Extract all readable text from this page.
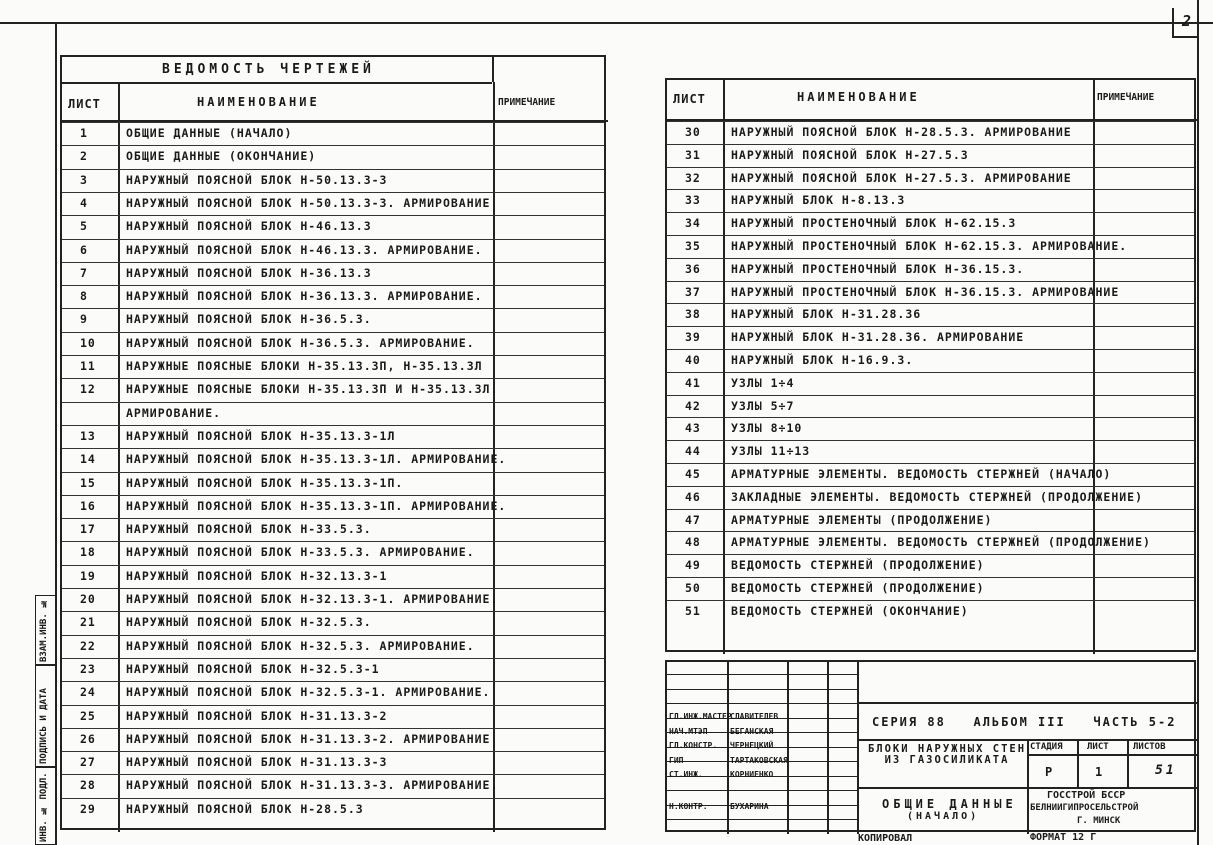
2
ВЗАМ.ИНВ. №
ПОДПИСЬ И ДАТА
ИНВ. № ПОДЛ.
ВЕДОМОСТЬ ЧЕРТЕЖЕЙ
ЛИСТ	НАИМЕНОВАНИЕ	ПРИМЕЧАНИЕ
1	ОБЩИЕ ДАННЫЕ (НАЧАЛО)
2	ОБЩИЕ ДАННЫЕ (ОКОНЧАНИЕ)
3	НАРУЖНЫЙ ПОЯСНОЙ БЛОК Н-50.13.3-3
4	НАРУЖНЫЙ ПОЯСНОЙ БЛОК Н-50.13.3-3. АРМИРОВАНИЕ
5	НАРУЖНЫЙ ПОЯСНОЙ БЛОК Н-46.13.3
6	НАРУЖНЫЙ ПОЯСНОЙ БЛОК Н-46.13.3. АРМИРОВАНИЕ.
7	НАРУЖНЫЙ ПОЯСНОЙ БЛОК Н-36.13.3
8	НАРУЖНЫЙ ПОЯСНОЙ БЛОК Н-36.13.3. АРМИРОВАНИЕ.
9	НАРУЖНЫЙ ПОЯСНОЙ БЛОК Н-36.5.3.
10	НАРУЖНЫЙ ПОЯСНОЙ БЛОК Н-36.5.3. АРМИРОВАНИЕ.
11	НАРУЖНЫЕ ПОЯСНЫЕ БЛОКИ Н-35.13.3П, Н-35.13.3Л
12	НАРУЖНЫЕ ПОЯСНЫЕ БЛОКИ Н-35.13.3П И Н-35.13.3Л.
АРМИРОВАНИЕ.
13	НАРУЖНЫЙ ПОЯСНОЙ БЛОК Н-35.13.3-1Л
14	НАРУЖНЫЙ ПОЯСНОЙ БЛОК Н-35.13.3-1Л. АРМИРОВАНИЕ.
15	НАРУЖНЫЙ ПОЯСНОЙ БЛОК Н-35.13.3-1П.
16	НАРУЖНЫЙ ПОЯСНОЙ БЛОК Н-35.13.3-1П. АРМИРОВАНИЕ.
17	НАРУЖНЫЙ ПОЯСНОЙ БЛОК Н-33.5.3.
18	НАРУЖНЫЙ ПОЯСНОЙ БЛОК Н-33.5.3. АРМИРОВАНИЕ.
19	НАРУЖНЫЙ ПОЯСНОЙ БЛОК Н-32.13.3-1
20	НАРУЖНЫЙ ПОЯСНОЙ БЛОК Н-32.13.3-1. АРМИРОВАНИЕ.
21	НАРУЖНЫЙ ПОЯСНОЙ БЛОК Н-32.5.3.
22	НАРУЖНЫЙ ПОЯСНОЙ БЛОК Н-32.5.3. АРМИРОВАНИЕ.
23	НАРУЖНЫЙ ПОЯСНОЙ БЛОК Н-32.5.3-1
24	НАРУЖНЫЙ ПОЯСНОЙ БЛОК Н-32.5.3-1. АРМИРОВАНИЕ.
25	НАРУЖНЫЙ ПОЯСНОЙ БЛОК Н-31.13.3-2
26	НАРУЖНЫЙ ПОЯСНОЙ БЛОК Н-31.13.3-2. АРМИРОВАНИЕ
27	НАРУЖНЫЙ ПОЯСНОЙ БЛОК Н-31.13.3-3
28	НАРУЖНЫЙ ПОЯСНОЙ БЛОК Н-31.13.3-3. АРМИРОВАНИЕ.
29	НАРУЖНЫЙ ПОЯСНОЙ БЛОК Н-28.5.3
ЛИСТ	НАИМЕНОВАНИЕ	ПРИМЕЧАНИЕ
30	НАРУЖНЫЙ ПОЯСНОЙ БЛОК Н-28.5.3. АРМИРОВАНИЕ
31	НАРУЖНЫЙ ПОЯСНОЙ БЛОК Н-27.5.3
32	НАРУЖНЫЙ ПОЯСНОЙ БЛОК Н-27.5.3. АРМИРОВАНИЕ
33	НАРУЖНЫЙ БЛОК Н-8.13.3
34	НАРУЖНЫЙ ПРОСТЕНОЧНЫЙ БЛОК Н-62.15.3
35	НАРУЖНЫЙ ПРОСТЕНОЧНЫЙ БЛОК Н-62.15.3. АРМИРОВАНИЕ.
36	НАРУЖНЫЙ ПРОСТЕНОЧНЫЙ БЛОК Н-36.15.3.
37	НАРУЖНЫЙ ПРОСТЕНОЧНЫЙ БЛОК Н-36.15.3. АРМИРОВАНИЕ
38	НАРУЖНЫЙ БЛОК Н-31.28.36
39	НАРУЖНЫЙ БЛОК Н-31.28.36. АРМИРОВАНИЕ
40	НАРУЖНЫЙ БЛОК Н-16.9.3.
41	УЗЛЫ 1÷4
42	УЗЛЫ 5÷7
43	УЗЛЫ 8÷10
44	УЗЛЫ 11÷13
45	АРМАТУРНЫЕ ЭЛЕМЕНТЫ. ВЕДОМОСТЬ СТЕРЖНЕЙ (НАЧАЛО)
46	ЗАКЛАДНЫЕ ЭЛЕМЕНТЫ. ВЕДОМОСТЬ СТЕРЖНЕЙ (ПРОДОЛЖЕНИЕ)
47	АРМАТУРНЫЕ ЭЛЕМЕНТЫ (ПРОДОЛЖЕНИЕ)
48	АРМАТУРНЫЕ ЭЛЕМЕНТЫ. ВЕДОМОСТЬ СТЕРЖНЕЙ (ПРОДОЛЖЕНИЕ)
49	ВЕДОМОСТЬ СТЕРЖНЕЙ (ПРОДОЛЖЕНИЕ)
50	ВЕДОМОСТЬ СТЕРЖНЕЙ (ПРОДОЛЖЕНИЕ)
51	ВЕДОМОСТЬ СТЕРЖНЕЙ (ОКОНЧАНИЕ)
ГЛ.ИНЖ.МАСТЕР
СЛАВИТЕЛЕВ
НАЧ.МТЭП	БЕГАНСКАЯ
ГЛ.КОНСТР. ЧЕРНЕЦКИЙ
ГИП	ТАРТАКОВСКАЯ
СТ.ИНЖ.	КОРНИЕНКО
Н.КОНТР.	БУХАРИНА
СЕРИЯ 88   АЛЬБОМ III   ЧАСТЬ 5-2
БЛОКИ НАРУЖНЫХ СТЕН ИЗ ГАЗОСИЛИКАТА
СТАДИЯ	ЛИСТ	ЛИСТОВ
Р	1	51
ОБЩИЕ ДАННЫЕ
(НАЧАЛО)
ГОССТРОЙ БССР
БЕЛНИИГИПРОСЕЛЬСТРОЙ
Г. МИНСК
КОПИРОВАЛ	ФОРМАТ 12 Г
